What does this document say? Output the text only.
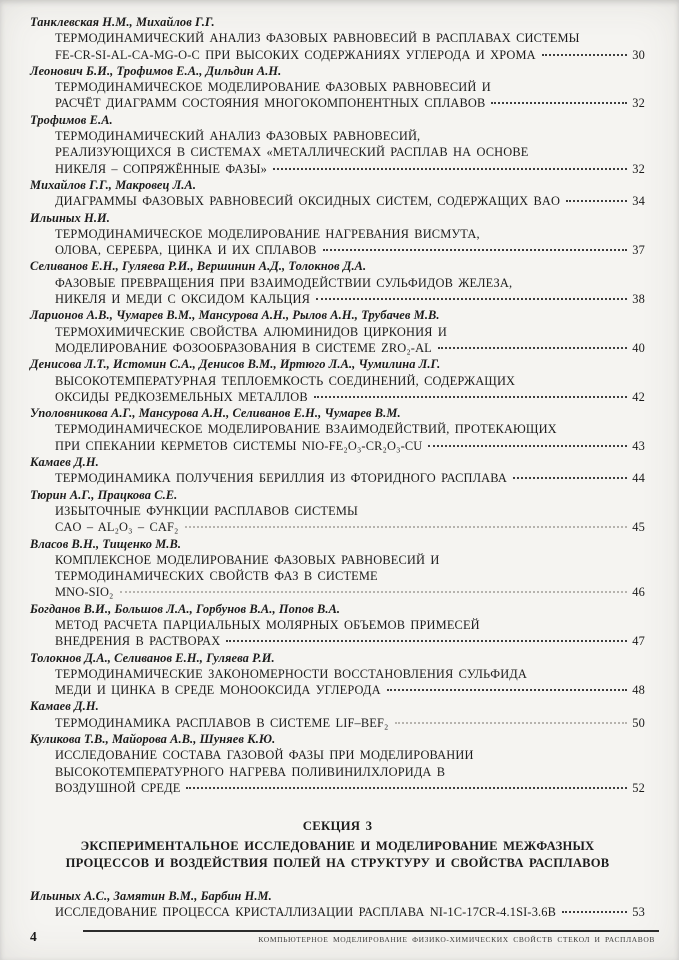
Танклевская Н.М., Михайлов Г.Г.
ТЕРМОДИНАМИЧЕСКИЙ АНАЛИЗ ФАЗОВЫХ РАВНОВЕСИЙ В РАСПЛАВАХ СИСТЕМЫ
FE-CR-SI-AL-CA-MG-O-C ПРИ ВЫСОКИХ СОДЕРЖАНИЯХ УГЛЕРОДА И ХРОМА	30
Леонович Б.И., Трофимов Е.А., Дильдин А.Н.
ТЕРМОДИНАМИЧЕСКОЕ МОДЕЛИРОВАНИЕ ФАЗОВЫХ РАВНОВЕСИЙ И
РАСЧЁТ ДИАГРАММ СОСТОЯНИЯ МНОГОКОМПОНЕНТНЫХ СПЛАВОВ	32
Трофимов Е.А.
ТЕРМОДИНАМИЧЕСКИЙ АНАЛИЗ ФАЗОВЫХ РАВНОВЕСИЙ,
РЕАЛИЗУЮЩИХСЯ В СИСТЕМАХ «МЕТАЛЛИЧЕСКИЙ РАСПЛАВ НА ОСНОВЕ
НИКЕЛЯ – СОПРЯЖЁННЫЕ ФАЗЫ»	32
Михайлов Г.Г., Макровец Л.А.
ДИАГРАММЫ ФАЗОВЫХ РАВНОВЕСИЙ ОКСИДНЫХ СИСТЕМ, СОДЕРЖАЩИХ BAO	34
Ильиных Н.И.
ТЕРМОДИНАМИЧЕСКОЕ МОДЕЛИРОВАНИЕ НАГРЕВАНИЯ ВИСМУТА,
ОЛОВА, СЕРЕБРА, ЦИНКА И ИХ СПЛАВОВ	37
Селиванов Е.Н., Гуляева Р.И., Вершинин А.Д., Толокнов Д.А.
ФАЗОВЫЕ ПРЕВРАЩЕНИЯ ПРИ ВЗАИМОДЕЙСТВИИ СУЛЬФИДОВ ЖЕЛЕЗА,
НИКЕЛЯ И МЕДИ С ОКСИДОМ КАЛЬЦИЯ	38
Ларионов А.В., Чумарев В.М., Мансурова А.Н., Рылов А.Н., Трубачев М.В.
ТЕРМОХИМИЧЕСКИЕ СВОЙСТВА АЛЮМИНИДОВ ЦИРКОНИЯ И
МОДЕЛИРОВАНИЕ ФОЗООБРАЗОВАНИЯ В СИСТЕМЕ ZRO₂-AL	40
Денисова Л.Т., Истомин С.А., Денисов В.М., Иртюго Л.А., Чумилина Л.Г.
ВЫСОКОТЕМПЕРАТУРНАЯ ТЕПЛОЕМКОСТЬ СОЕДИНЕНИЙ, СОДЕРЖАЩИХ
ОКСИДЫ РЕДКОЗЕМЕЛЬНЫХ МЕТАЛЛОВ	42
Уполовникова А.Г., Мансурова А.Н., Селиванов Е.Н., Чумарев В.М.
ТЕРМОДИНАМИЧЕСКОЕ МОДЕЛИРОВАНИЕ ВЗАИМОДЕЙСТВИЙ, ПРОТЕКАЮЩИХ
ПРИ СПЕКАНИИ КЕРМЕТОВ СИСТЕМЫ NIO-FE₂O₃-CR₂O₃-CU	43
Камаев Д.Н.
ТЕРМОДИНАМИКА ПОЛУЧЕНИЯ БЕРИЛЛИЯ ИЗ ФТОРИДНОГО РАСПЛАВА	44
Тюрин А.Г., Працкова С.Е.
ИЗБЫТОЧНЫЕ ФУНКЦИИ РАСПЛАВОВ СИСТЕМЫ
CAO – AL₂O₃ – CAF₂	45
Власов В.Н., Тищенко М.В.
КОМПЛЕКСНОЕ МОДЕЛИРОВАНИЕ ФАЗОВЫХ РАВНОВЕСИЙ И
ТЕРМОДИНАМИЧЕСКИХ СВОЙСТВ ФАЗ В СИСТЕМЕ
MNO-SIO₂	46
Богданов В.И., Большов Л.А., Горбунов В.А., Попов В.А.
МЕТОД РАСЧЕТА ПАРЦИАЛЬНЫХ МОЛЯРНЫХ ОБЪЕМОВ ПРИМЕСЕЙ
ВНЕДРЕНИЯ В РАСТВОРАХ	47
Толокнов Д.А., Селиванов Е.Н., Гуляева Р.И.
ТЕРМОДИНАМИЧЕСКИЕ ЗАКОНОМЕРНОСТИ ВОССТАНОВЛЕНИЯ СУЛЬФИДА
МЕДИ И ЦИНКА В СРЕДЕ МОНООКСИДА УГЛЕРОДА	48
Камаев Д.Н.
ТЕРМОДИНАМИКА РАСПЛАВОВ В СИСТЕМЕ LIF–BEF₂	50
Куликова Т.В., Майорова А.В., Шуняев К.Ю.
ИССЛЕДОВАНИЕ СОСТАВА ГАЗОВОЙ ФАЗЫ ПРИ МОДЕЛИРОВАНИИ
ВЫСОКОТЕМПЕРАТУРНОГО НАГРЕВА ПОЛИВИНИЛХЛОРИДА В
ВОЗДУШНОЙ СРЕДЕ	52
СЕКЦИЯ 3
ЭКСПЕРИМЕНТАЛЬНОЕ ИССЛЕДОВАНИЕ И МОДЕЛИРОВАНИЕ МЕЖФАЗНЫХ
ПРОЦЕССОВ И ВОЗДЕЙСТВИЯ ПОЛЕЙ НА СТРУКТУРУ И СВОЙСТВА РАСПЛАВОВ
Ильиных А.С., Замятин В.М., Барбин Н.М.
ИССЛЕДОВАНИЕ ПРОЦЕССА КРИСТАЛЛИЗАЦИИ РАСПЛАВА NI-1C-17CR-4.1SI-3.6B	53
4	КОМПЬЮТЕРНОЕ МОДЕЛИРОВАНИЕ ФИЗИКО-ХИМИЧЕСКИХ СВОЙСТВ СТЕКОЛ И РАСПЛАВОВ
